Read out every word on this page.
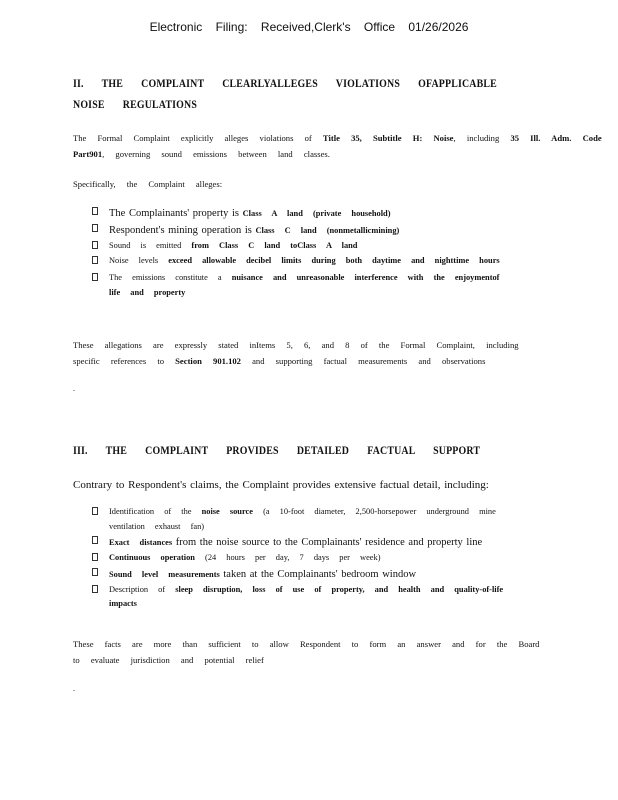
Electronic Filing: Received,Clerk's Office 01/26/2026
II. THE COMPLAINT CLEARLYALLEGES VIOLATIONS OFAPPLICABLE
NOISE REGULATIONS
The Formal Complaint explicitly alleges violations of Title 35, Subtitle H: Noise, including 35 Ill. Adm. Code Part901, governing sound emissions between land classes.
Specifically, the Complaint alleges:
The Complainants' property is Class A land (private household)
Respondent's mining operation is Class C land (nonmetallicmining)
Sound is emitted from Class C land toClass A land
Noise levels exceed allowable decibel limits during both daytime and nighttime hours
The emissions constitute a nuisance and unreasonable interference with the enjoymentof life and property
These allegations are expressly stated inItems 5, 6, and 8 of the Formal Complaint, including specific references to Section 901.102 and supporting factual measurements and observations
.
III. THE COMPLAINT PROVIDES DETAILED FACTUAL SUPPORT
Contrary to Respondent's claims, the Complaint provides extensive factual detail, including:
Identification of the noise source (a 10-foot diameter, 2,500-horsepower underground mine ventilation exhaust fan)
Exact distances from the noise source to the Complainants' residence and property line
Continuous operation (24 hours per day, 7 days per week)
Sound level measurements taken at the Complainants' bedroom window
Description of sleep disruption, loss of use of property, and health and quality-of-life impacts
These facts are more than sufficient to allow Respondent to form an answer and for the Board to evaluate jurisdiction and potential relief
.
